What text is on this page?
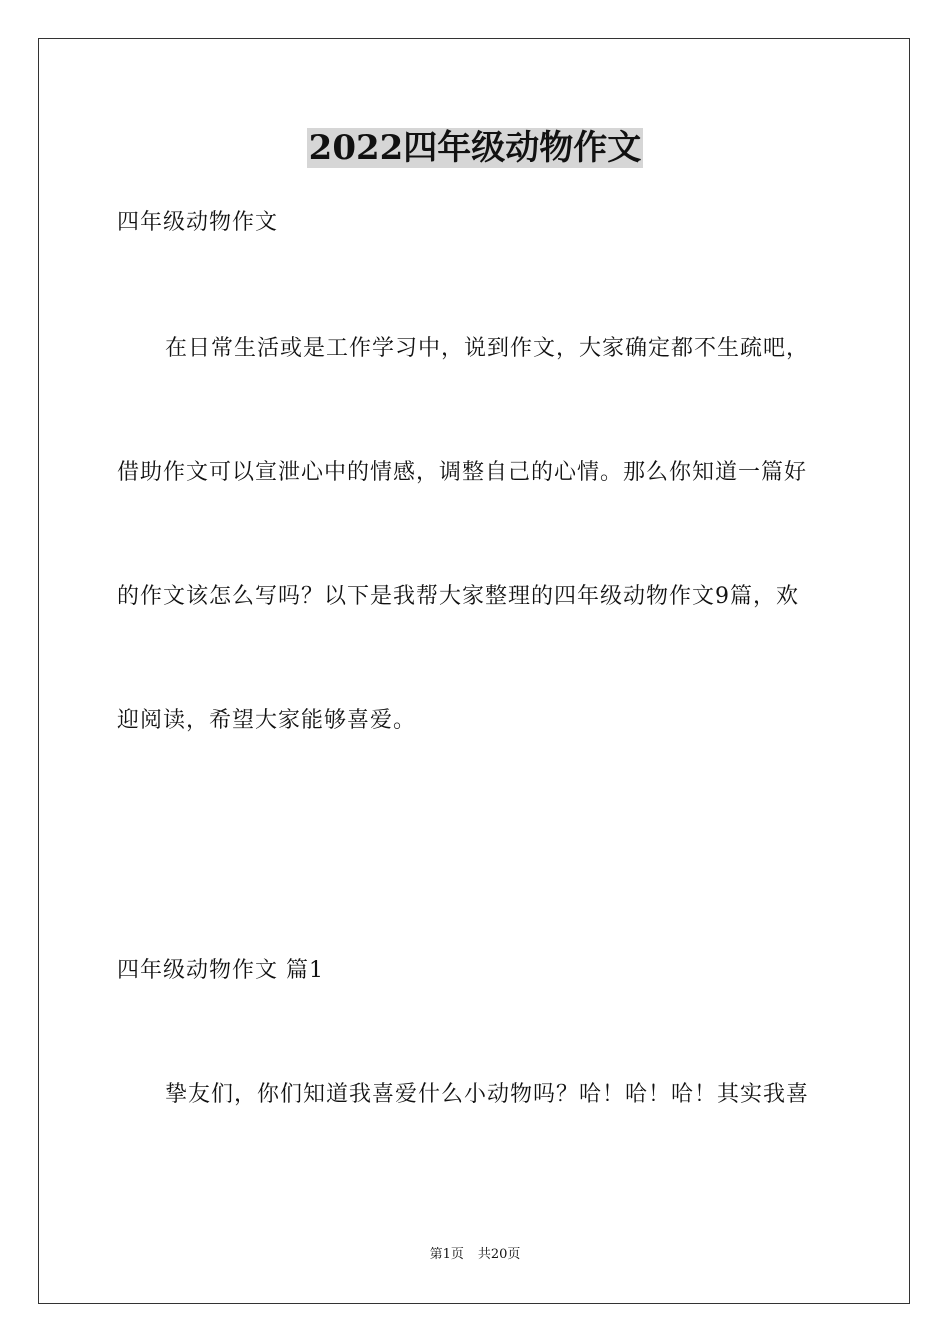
2022四年级动物作文
四年级动物作文
在日常生活或是工作学习中，说到作文，大家确定都不生疏吧，
借助作文可以宣泄心中的情感，调整自己的心情。那么你知道一篇好
的作文该怎么写吗？以下是我帮大家整理的四年级动物作文9篇，欢
迎阅读，希望大家能够喜爱。
四年级动物作文 篇1
挚友们，你们知道我喜爱什么小动物吗？哈！哈！哈！其实我喜
第1页 共20页
